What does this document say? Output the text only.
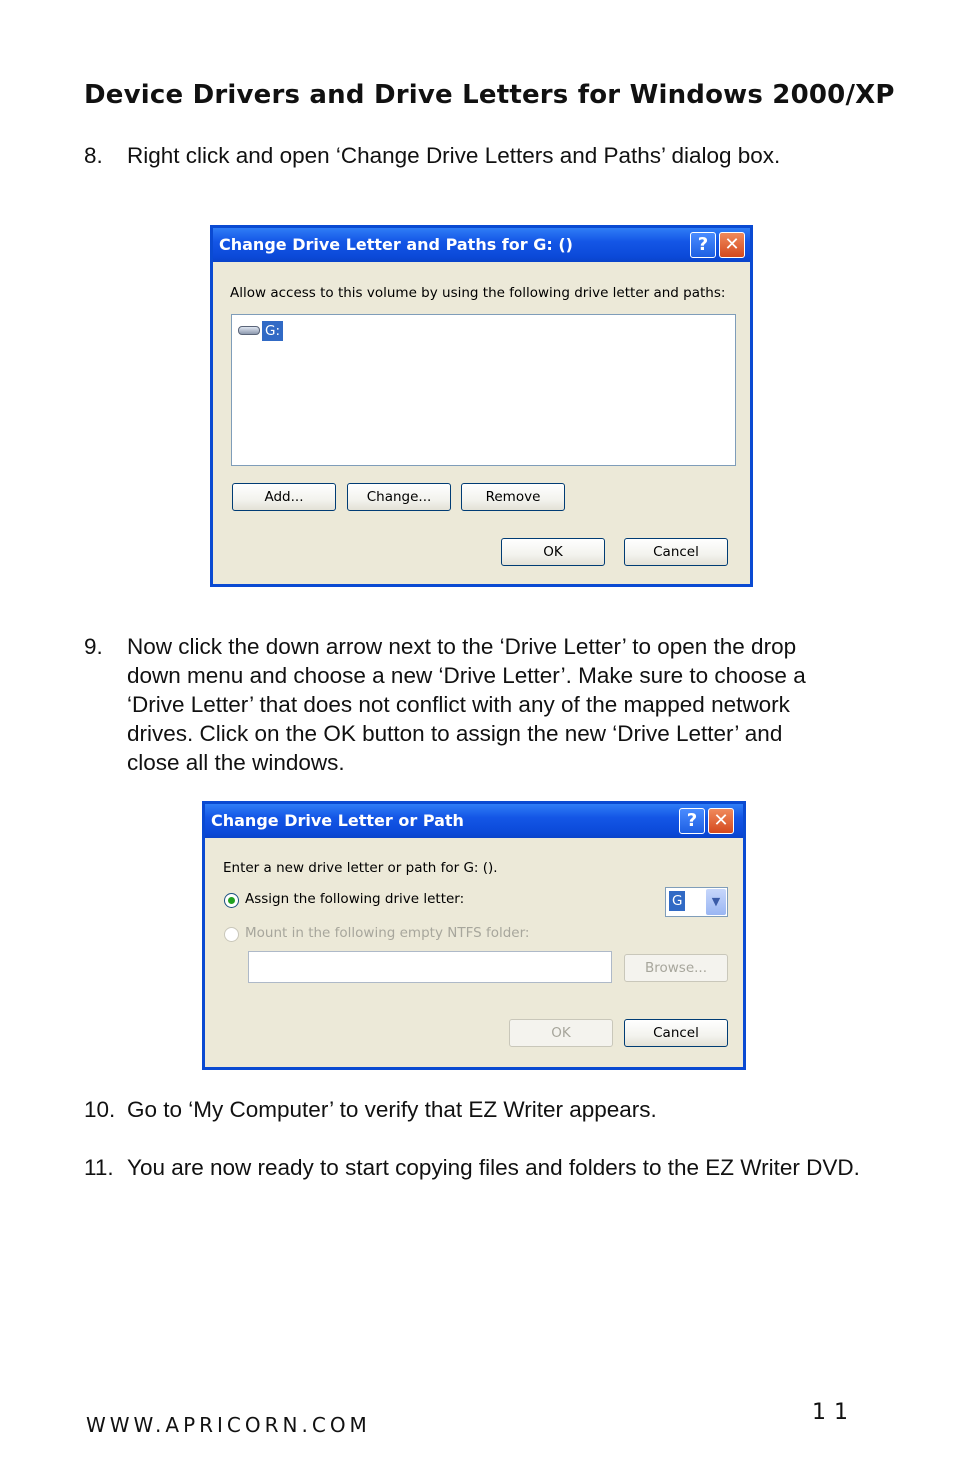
Device Drivers and Drive Letters for Windows 2000/XP
8. Right click and open ‘Change Drive Letters and Paths’ dialog box.
Change Drive Letter and Paths for G: ()	? ✕
Allow access to this volume by using the following drive letter and paths:
G:
Add...	Change...	Remove
OK	Cancel
9. Now click the down arrow next to the ‘Drive Letter’ to open the drop
down menu and choose a new ‘Drive Letter’. Make sure to choose a
‘Drive Letter’ that does not conflict with any of the mapped network
drives. Click on the OK button to assign the new ‘Drive Letter’ and
close all the windows.
Change Drive Letter or Path	? ✕
Enter a new drive letter or path for G: ().
Assign the following drive letter:	G	▼
Mount in the following empty NTFS folder:
Browse...
OK	Cancel
10. Go to ‘My Computer’ to verify that EZ Writer appears.
11. You are now ready to start copying files and folders to the EZ Writer DVD.
WWW.APRICORN.COM	11
